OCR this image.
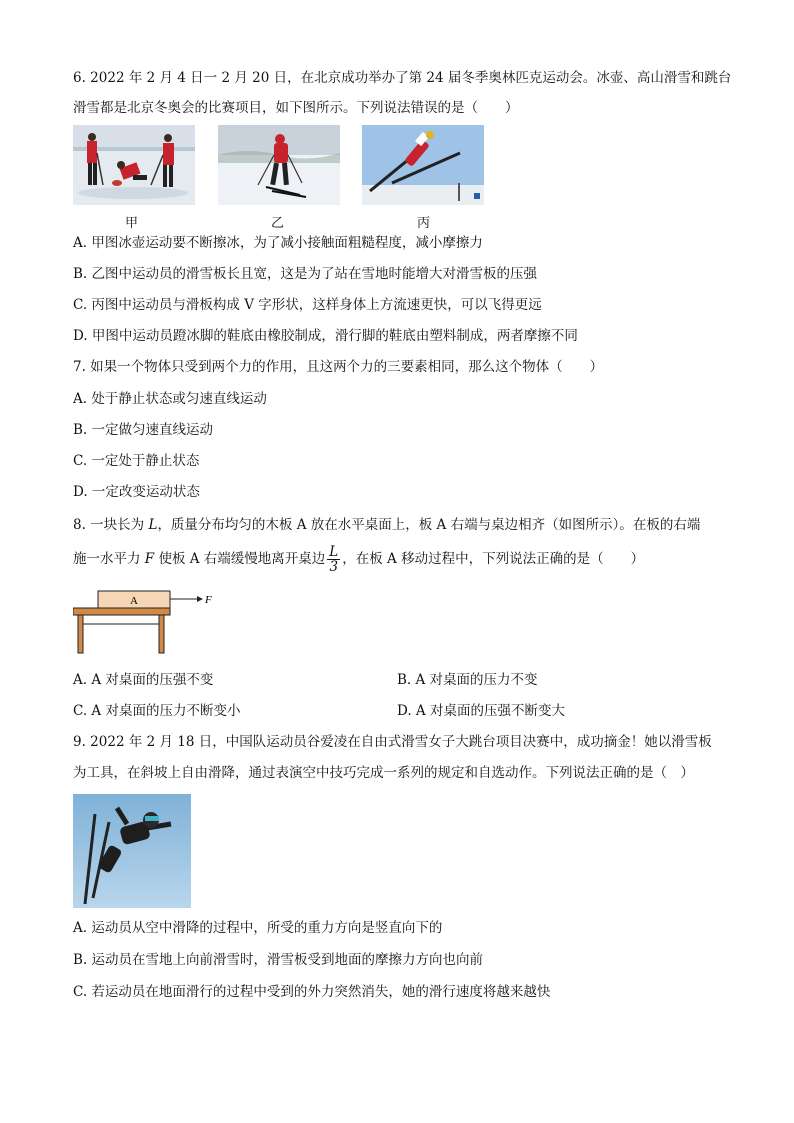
6. 2022 年 2 月 4 日一 2 月 20 日，在北京成功举办了第 24 届冬季奥林匹克运动会。冰壶、高山滑雪和跳台
滑雪都是北京冬奥会的比赛项目，如下图所示。下列说法错误的是（　　）
甲	乙	丙
A. 甲图冰壶运动要不断擦冰，为了减小接触面粗糙程度，减小摩擦力
B. 乙图中运动员的滑雪板长且宽，这是为了站在雪地时能增大对滑雪板的压强
C. 丙图中运动员与滑板构成 V 字形状，这样身体上方流速更快，可以飞得更远
D. 甲图中运动员蹬冰脚的鞋底由橡胶制成，滑行脚的鞋底由塑料制成，两者摩擦不同
7. 如果一个物体只受到两个力的作用，且这两个力的三要素相同，那么这个物体（　　）
A. 处于静止状态或匀速直线运动
B. 一定做匀速直线运动
C. 一定处于静止状态
D. 一定改变运动状态
8. 一块长为 L，质量分布均匀的木板 A 放在水平桌面上，板 A 右端与桌边相齐（如图所示）。在板的右端
施一水平力 F 使板 A 右端缓慢地离开桌边 $\frac{L}{3}$ ，在板 A 移动过程中，下列说法正确的是（　　）
A	F
A. A 对桌面的压强不变	B. A 对桌面的压力不变
C. A 对桌面的压力不断变小	D. A 对桌面的压强不断变大
9. 2022 年 2 月 18 日，中国队运动员谷爱凌在自由式滑雪女子大跳台项目决赛中，成功摘金！她以滑雪板
为工具，在斜坡上自由滑降，通过表演空中技巧完成一系列的规定和自选动作。下列说法正确的是（　）
A. 运动员从空中滑降的过程中，所受的重力方向是竖直向下的
B. 运动员在雪地上向前滑雪时，滑雪板受到地面的摩擦力方向也向前
C. 若运动员在地面滑行的过程中受到的外力突然消失，她的滑行速度将越来越快
